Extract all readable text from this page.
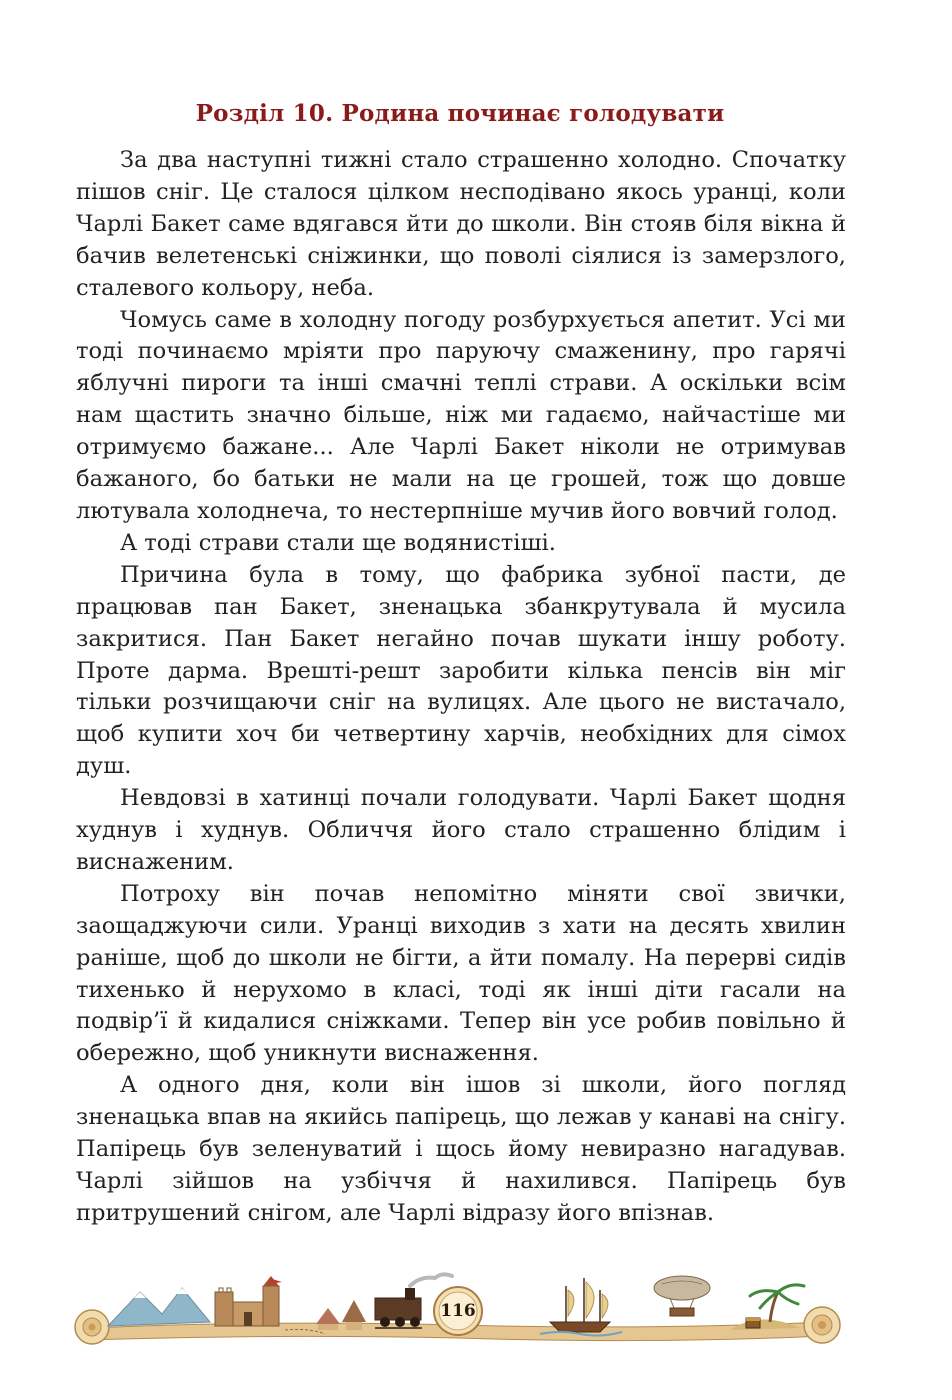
Розділ 10. Родина починає голодувати

За два наступні тижні стало страшенно холодно. Спочатку пішов сніг. Це сталося цілком несподівано якось уранці, коли Чарлі Бакет саме вдягався йти до школи. Він стояв біля вікна й бачив велетенські сніжинки, що поволі сіялися із замерзлого, сталевого кольору, неба.

Чомусь саме в холодну погоду розбурхується апетит. Усі ми тоді починаємо мріяти про паруючу смаженину, про гарячі яблучні пироги та інші смачні теплі страви. А оскільки всім нам щастить значно більше, ніж ми гадаємо, найчастіше ми отримуємо бажане... Але Чарлі Бакет ніколи не отримував бажаного, бо батьки не мали на це грошей, тож що довше лютувала холоднеча, то нестерпніше мучив його вовчий голод.

А тоді страви стали ще водянистіші.

Причина була в тому, що фабрика зубної пасти, де працював пан Бакет, зненацька збанкрутувала й мусила закритися. Пан Бакет негайно почав шукати іншу роботу. Проте дарма. Врешті-решт заробити кілька пенсів він міг тільки розчищаючи сніг на вулицях. Але цього не вистачало, щоб купити хоч би четвертину харчів, необхідних для сімох душ.

Невдовзі в хатинці почали голодувати. Чарлі Бакет щодня худнув і худнув. Обличчя його стало страшенно блідим і виснаженим.

Потроху він почав непомітно міняти свої звички, заощаджуючи сили. Уранці виходив з хати на десять хвилин раніше, щоб до школи не бігти, а йти помалу. На перерві сидів тихенько й нерухомо в класі, тоді як інші діти гасали на подвір’ї й кидалися сніжками. Тепер він усе робив повільно й обережно, щоб уникнути виснаження.

А одного дня, коли він ішов зі школи, його погляд зненацька впав на якийсь папірець, що лежав у канаві на снігу. Папірець був зеленуватий і щось йому невиразно нагадував. Чарлі зійшов на узбіччя й нахилився. Папірець був притрушений снігом, але Чарлі відразу його впізнав.

116
